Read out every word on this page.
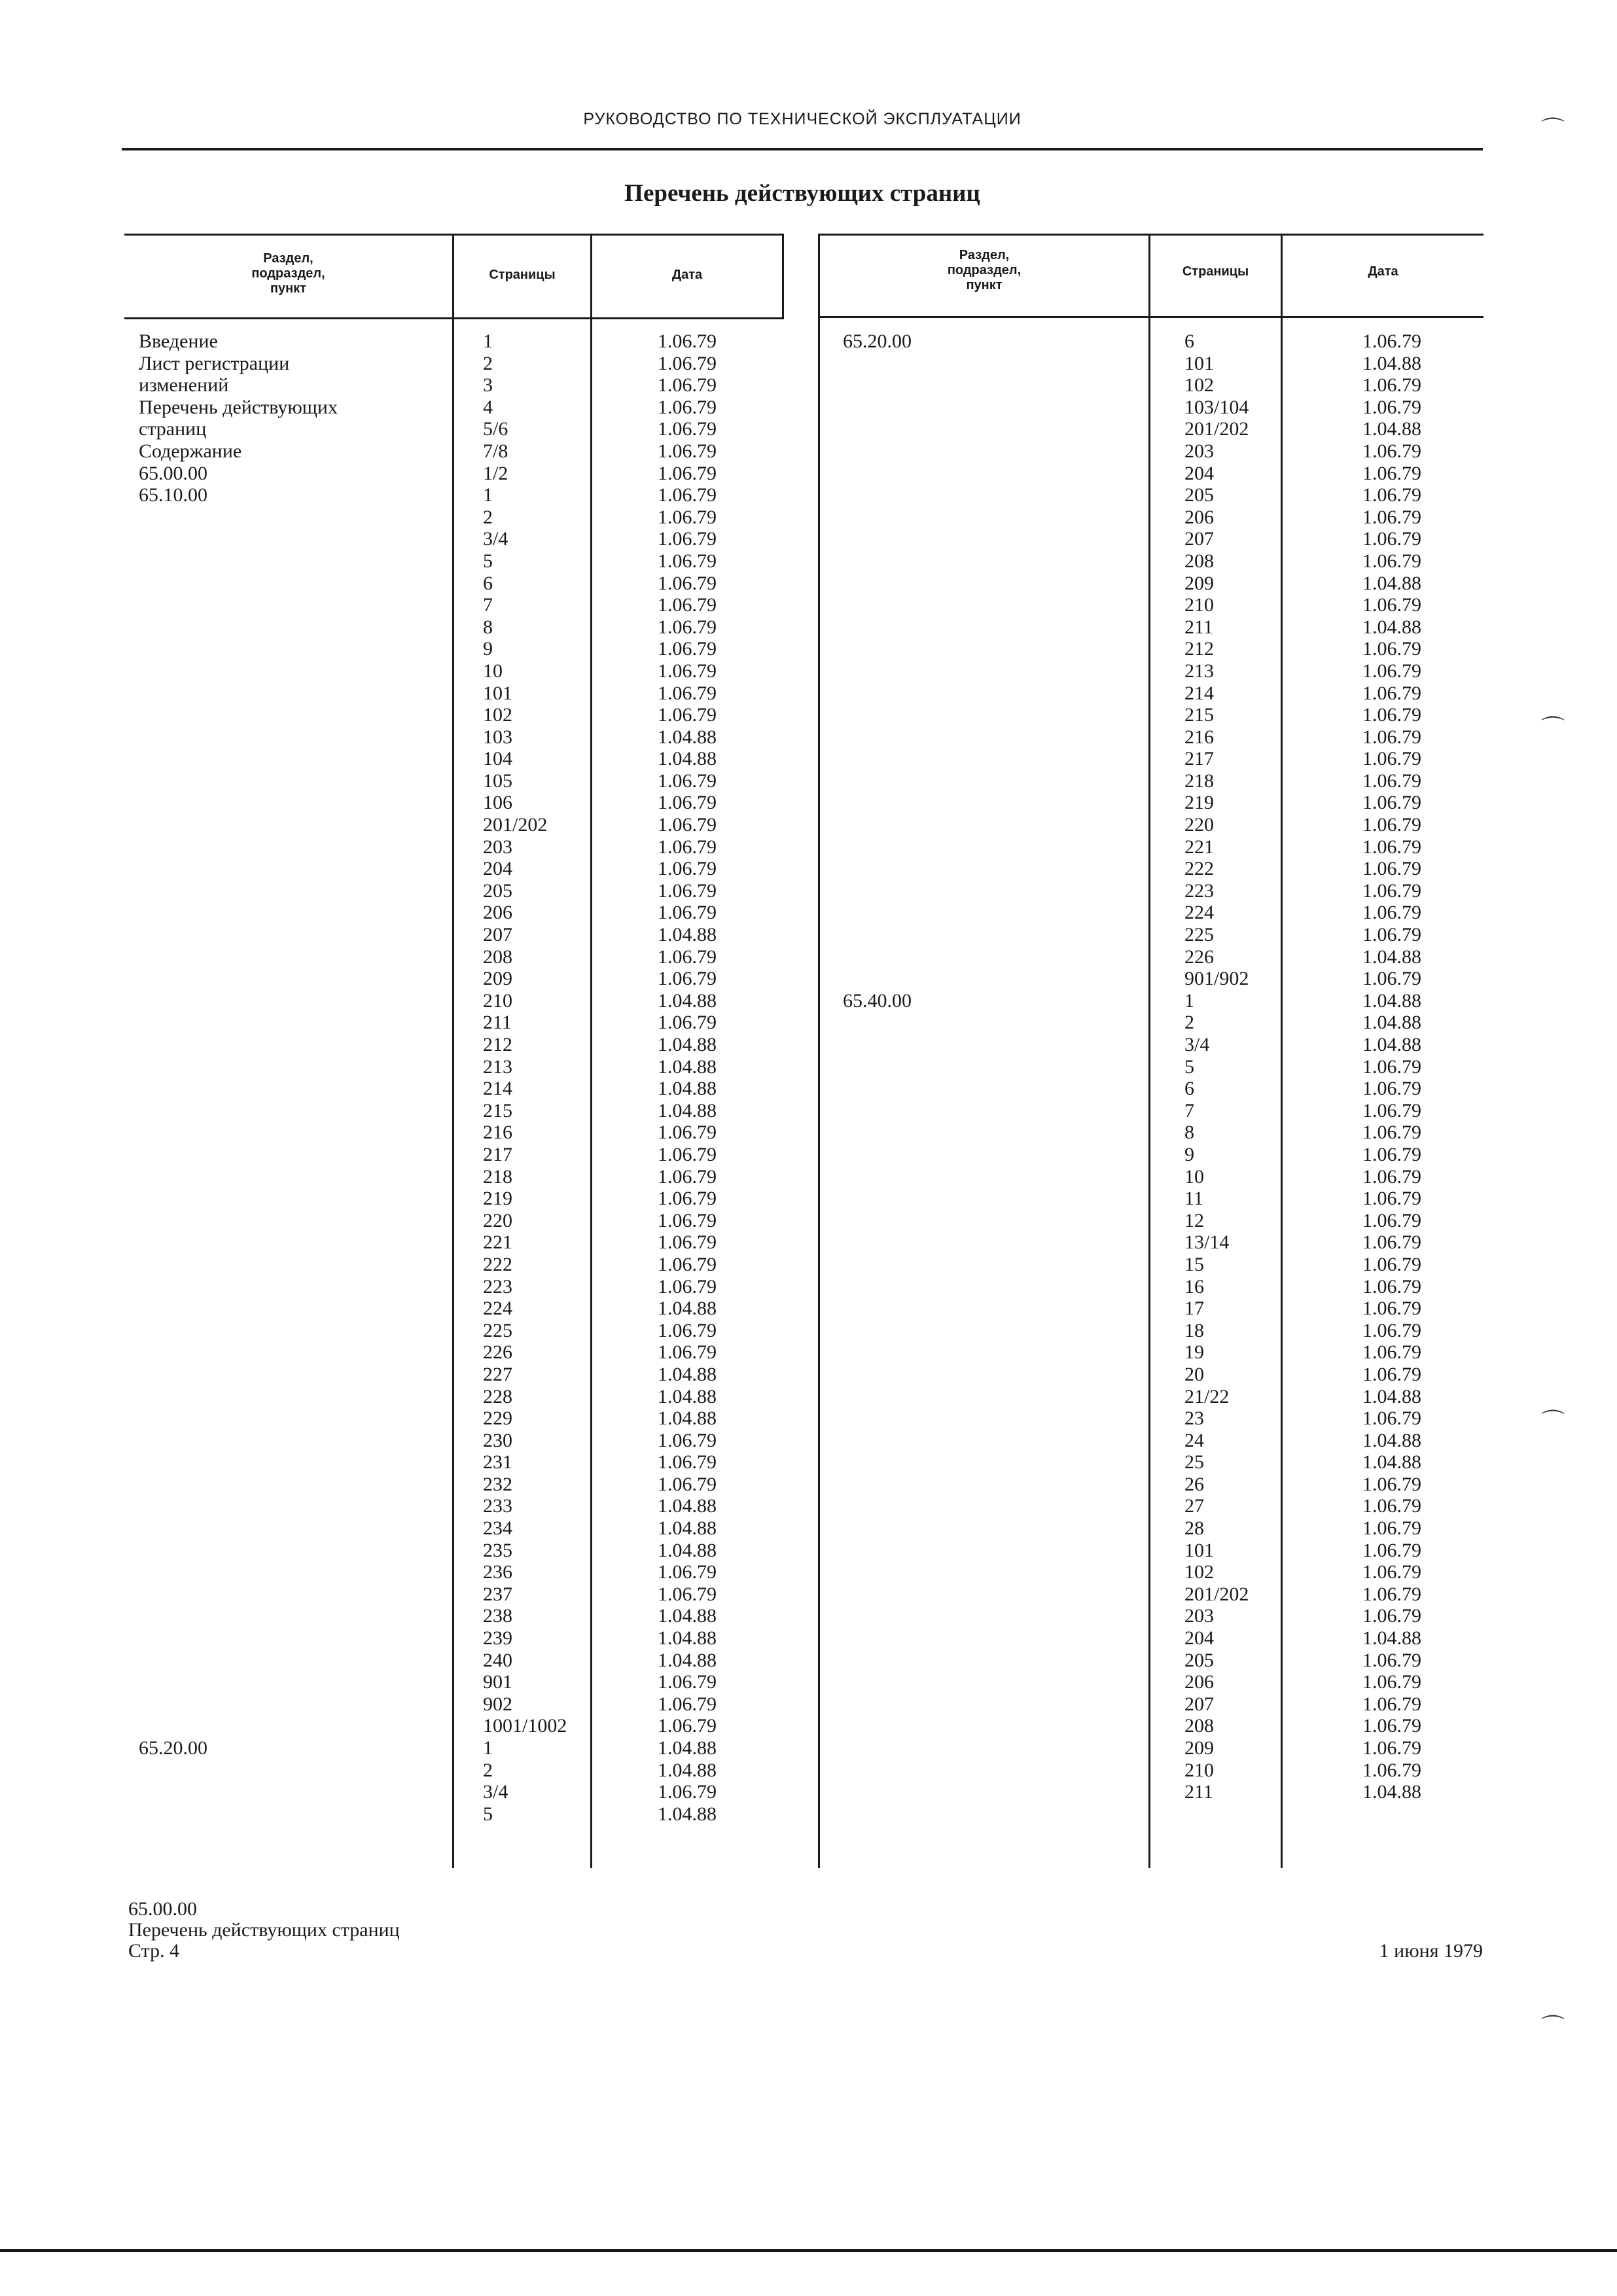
РУКОВОДСТВО ПО ТЕХНИЧЕСКОЙ ЭКСПЛУАТАЦИИ
Перечень действующих страниц
Раздел,
подраздел,
пункт
Страницы	Дата
Введение	1	1.06.79
Лист регистрации	2	1.06.79
изменений	3	1.06.79
Перечень действующих	4	1.06.79
страниц	5/6	1.06.79
Содержание	7/8	1.06.79
65.00.00	1/2	1.06.79
65.10.00	1	1.06.79
2	1.06.79
3/4	1.06.79
5	1.06.79
6	1.06.79
7	1.06.79
8	1.06.79
9	1.06.79
10	1.06.79
101	1.06.79
102	1.06.79
103	1.04.88
104	1.04.88
105	1.06.79
106	1.06.79
201/202	1.06.79
203	1.06.79
204	1.06.79
205	1.06.79
206	1.06.79
207	1.04.88
208	1.06.79
209	1.06.79
210	1.04.88
211	1.06.79
212	1.04.88
213	1.04.88
214	1.04.88
215	1.04.88
216	1.06.79
217	1.06.79
218	1.06.79
219	1.06.79
220	1.06.79
221	1.06.79
222	1.06.79
223	1.06.79
224	1.04.88
225	1.06.79
226	1.06.79
227	1.04.88
228	1.04.88
229	1.04.88
230	1.06.79
231	1.06.79
232	1.06.79
233	1.04.88
234	1.04.88
235	1.04.88
236	1.06.79
237	1.06.79
238	1.04.88
239	1.04.88
240	1.04.88
901	1.06.79
902	1.06.79
1001/1002	1.06.79
65.20.00	1	1.04.88
2	1.04.88
3/4	1.06.79
5	1.04.88
Раздел,
подраздел,
пункт
Страницы	Дата
65.20.00	6	1.06.79
101	1.04.88
102	1.06.79
103/104	1.06.79
201/202	1.04.88
203	1.06.79
204	1.06.79
205	1.06.79
206	1.06.79
207	1.06.79
208	1.06.79
209	1.04.88
210	1.06.79
211	1.04.88
212	1.06.79
213	1.06.79
214	1.06.79
215	1.06.79
216	1.06.79
217	1.06.79
218	1.06.79
219	1.06.79
220	1.06.79
221	1.06.79
222	1.06.79
223	1.06.79
224	1.06.79
225	1.06.79
226	1.04.88
901/902	1.06.79
65.40.00	1	1.04.88
2	1.04.88
3/4	1.04.88
5	1.06.79
6	1.06.79
7	1.06.79
8	1.06.79
9	1.06.79
10	1.06.79
11	1.06.79
12	1.06.79
13/14	1.06.79
15	1.06.79
16	1.06.79
17	1.06.79
18	1.06.79
19	1.06.79
20	1.06.79
21/22	1.04.88
23	1.06.79
24	1.04.88
25	1.04.88
26	1.06.79
27	1.06.79
28	1.06.79
101	1.06.79
102	1.06.79
201/202	1.06.79
203	1.06.79
204	1.04.88
205	1.06.79
206	1.06.79
207	1.06.79
208	1.06.79
209	1.06.79
210	1.06.79
211	1.04.88
65.00.00
Перечень действующих страниц
Стр. 4	1 июня 1979
⌒
⌒
⌒
⌒
